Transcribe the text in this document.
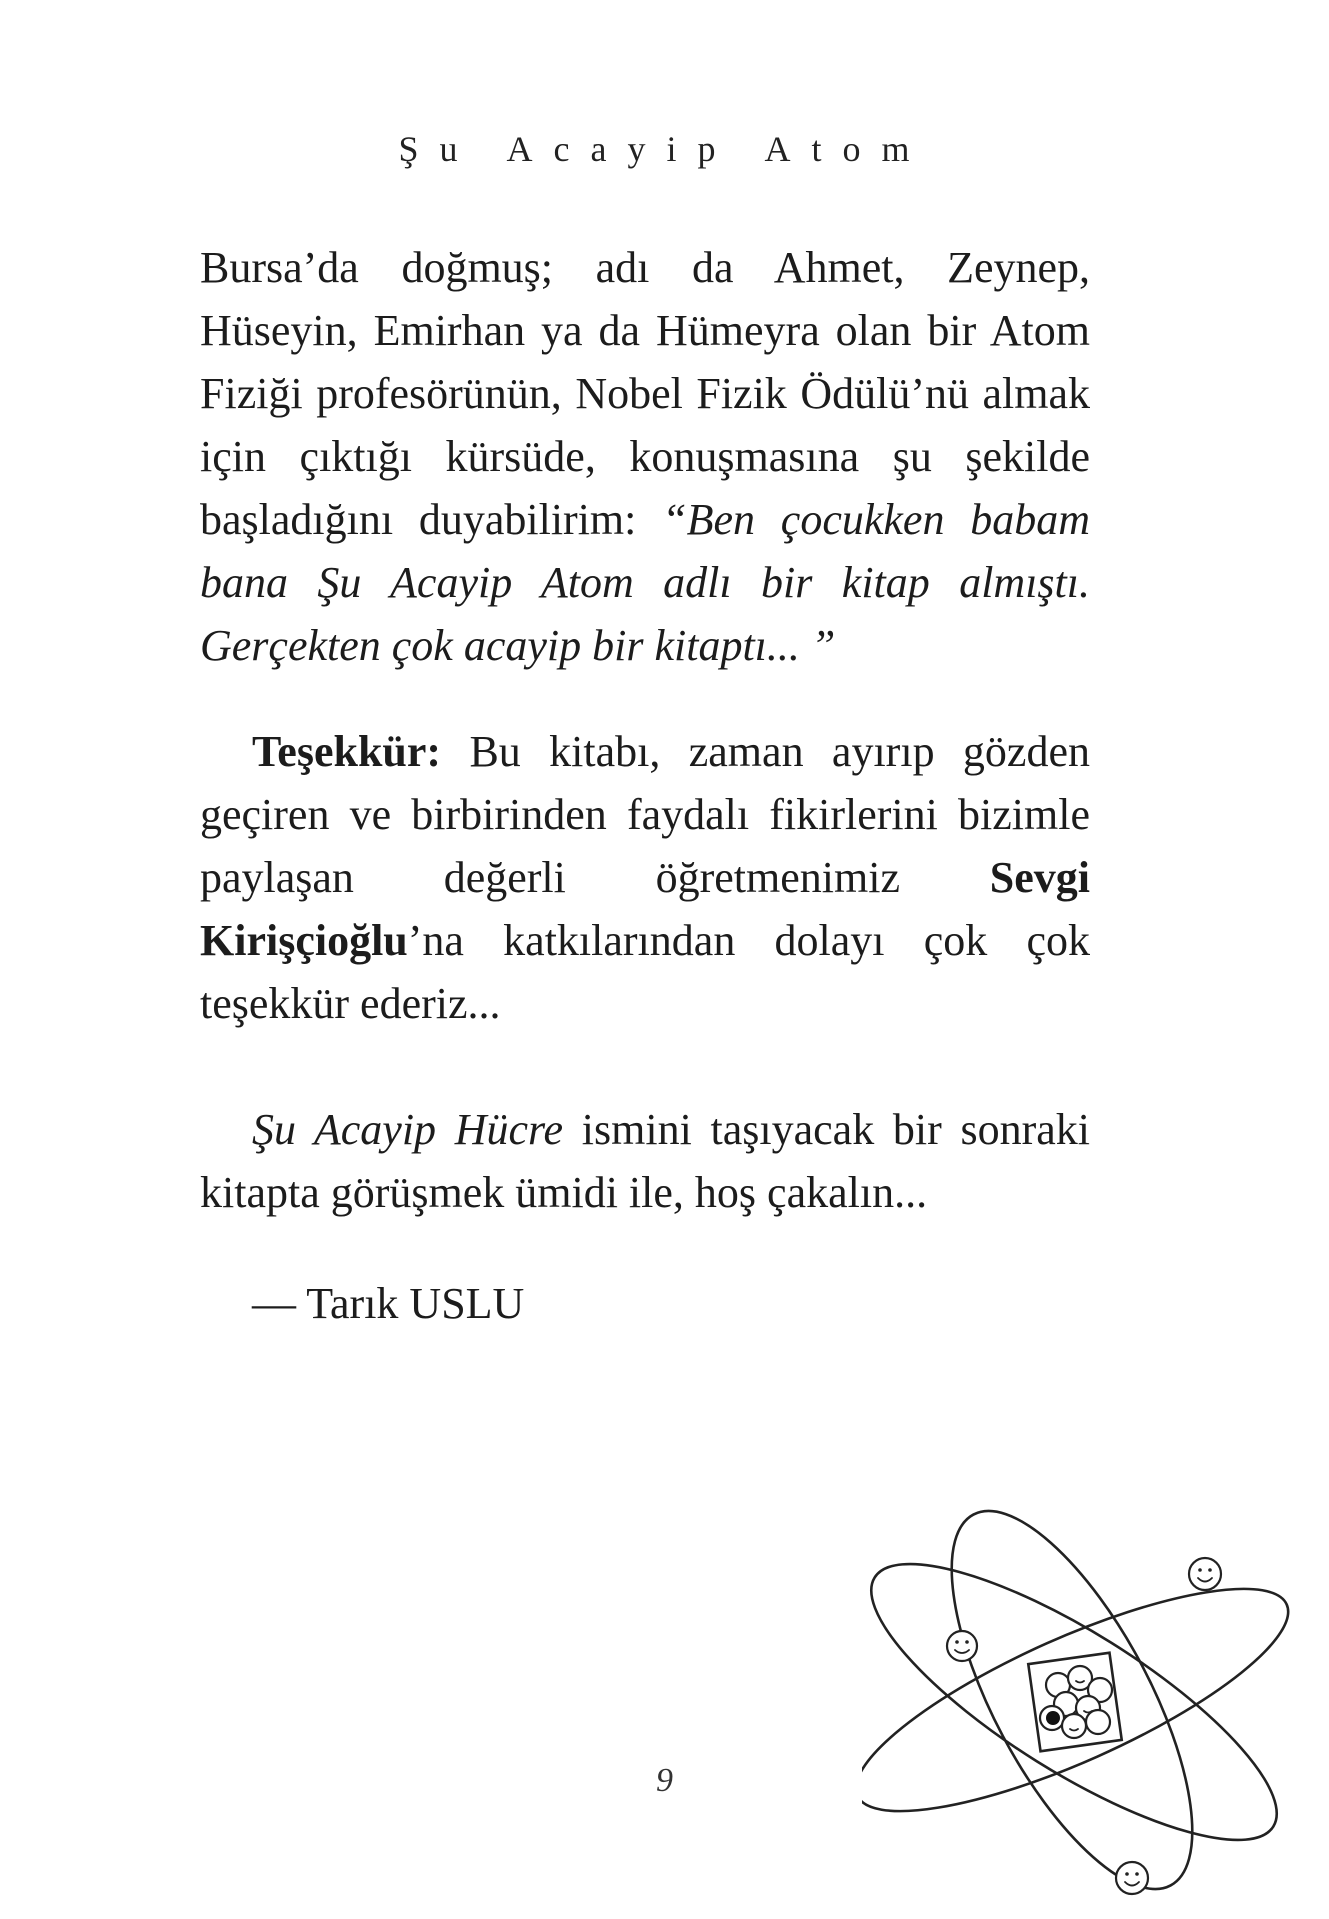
Şu Acayip Atom
Bursa’da doğmuş; adı da Ahmet, Zeynep, Hüseyin, Emirhan ya da Hümeyra olan bir Atom Fiziği profesörünün, Nobel Fizik Ödülü’nü almak için çıktığı kürsüde, konuşmasına şu şekilde başladığını duyabilirim: “Ben çocukken babam bana Şu Acayip Atom adlı bir kitap almıştı. Gerçekten çok acayip bir kitaptı... ”
Teşekkür: Bu kitabı, zaman ayırıp gözden geçiren ve birbirinden faydalı fikirlerini bizimle paylaşan değerli öğretmenimiz Sevgi Kirişçioğlu’na katkılarından dolayı çok çok teşekkür ederiz...
Şu Acayip Hücre ismini taşıyacak bir sonraki kitapta görüşmek ümidi ile, hoş çakalın...
— Tarık USLU
9
